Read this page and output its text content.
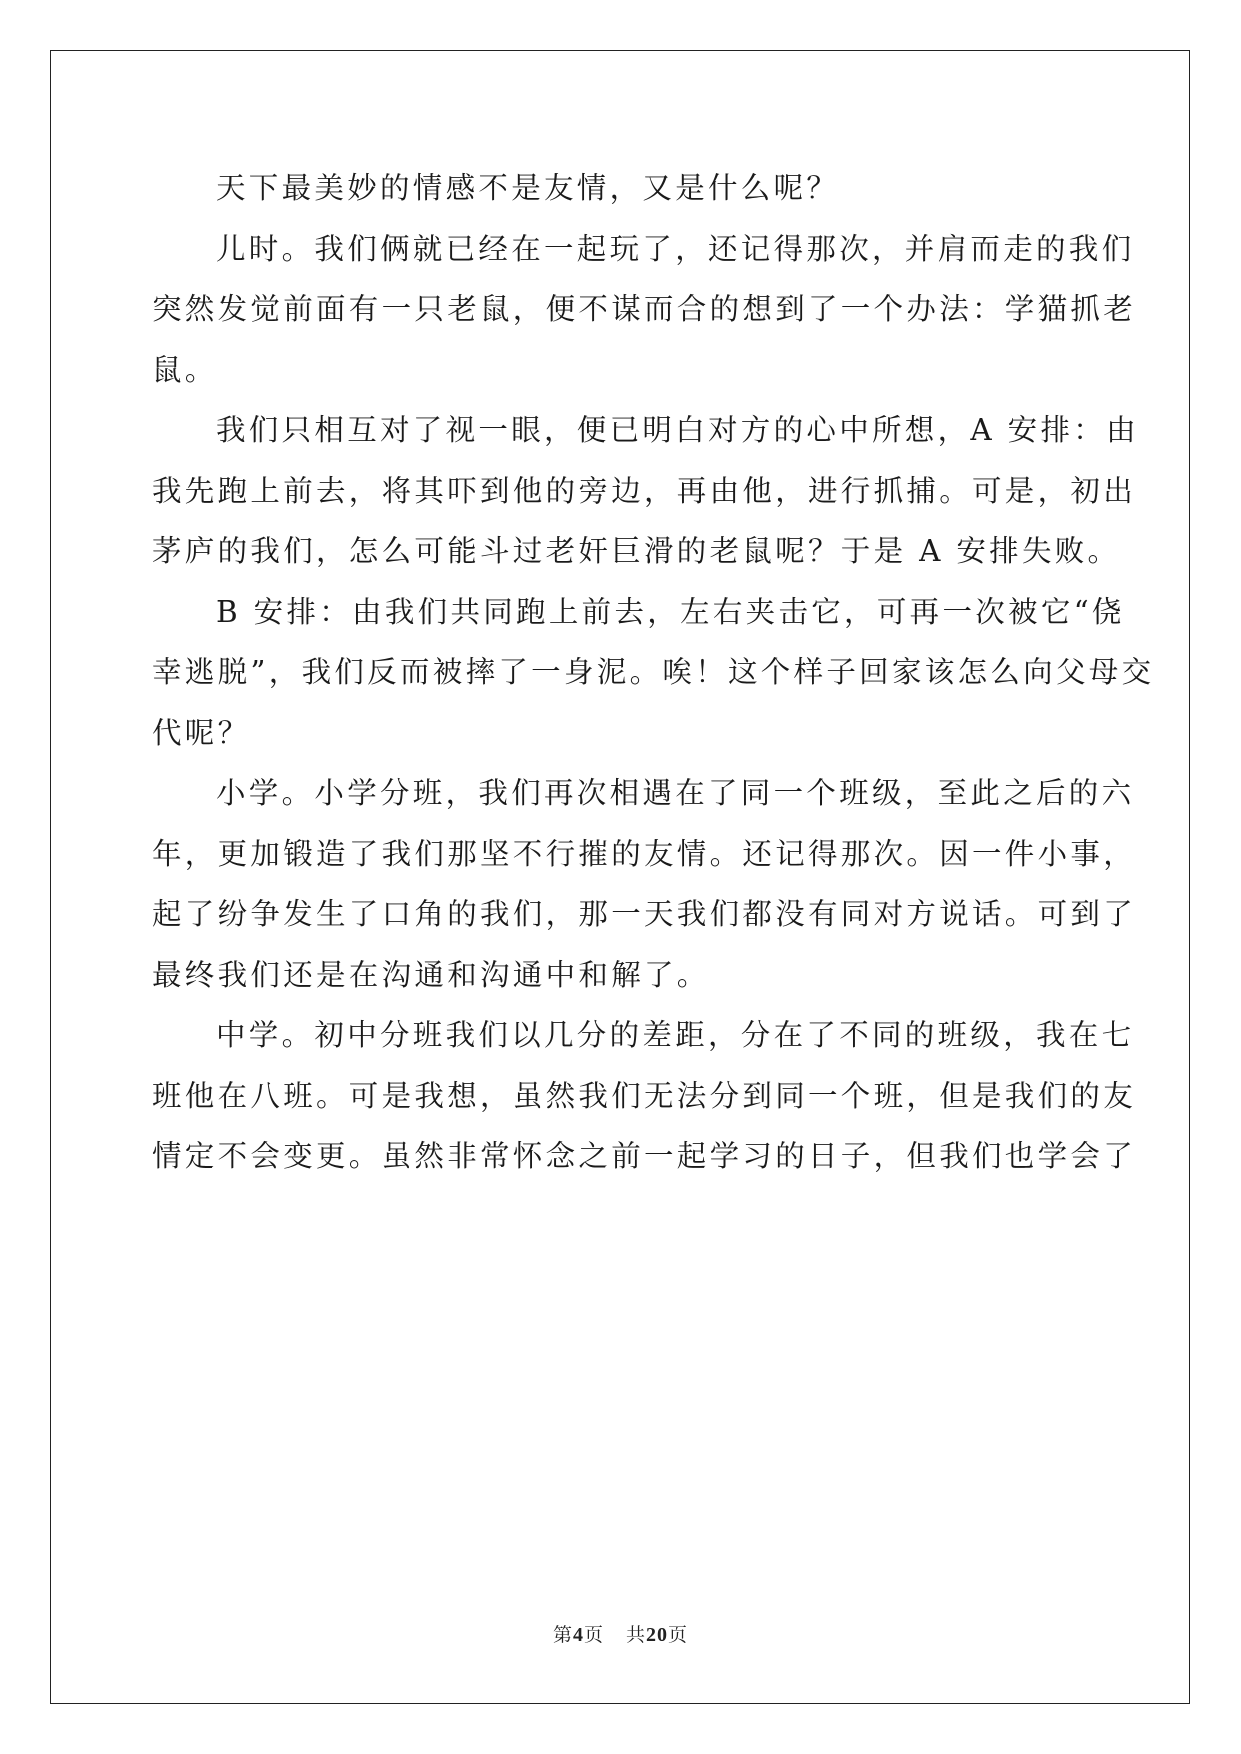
天下最美妙的情感不是友情，又是什么呢？
儿时。我们俩就已经在一起玩了，还记得那次，并肩而走的我们
突然发觉前面有一只老鼠，便不谋而合的想到了一个办法：学猫抓老
鼠。
我们只相互对了视一眼，便已明白对方的心中所想，A 安排：由
我先跑上前去，将其吓到他的旁边，再由他，进行抓捕。可是，初出
茅庐的我们，怎么可能斗过老奸巨滑的老鼠呢？于是 A 安排失败。
B 安排：由我们共同跑上前去，左右夹击它，可再一次被它“侥
幸逃脱”，我们反而被摔了一身泥。唉！这个样子回家该怎么向父母交
代呢？
小学。小学分班，我们再次相遇在了同一个班级，至此之后的六
年，更加锻造了我们那坚不行摧的友情。还记得那次。因一件小事，
起了纷争发生了口角的我们，那一天我们都没有同对方说话。可到了
最终我们还是在沟通和沟通中和解了。
中学。初中分班我们以几分的差距，分在了不同的班级，我在七
班他在八班。可是我想，虽然我们无法分到同一个班，但是我们的友
情定不会变更。虽然非常怀念之前一起学习的日子，但我们也学会了
第4页 共20页
